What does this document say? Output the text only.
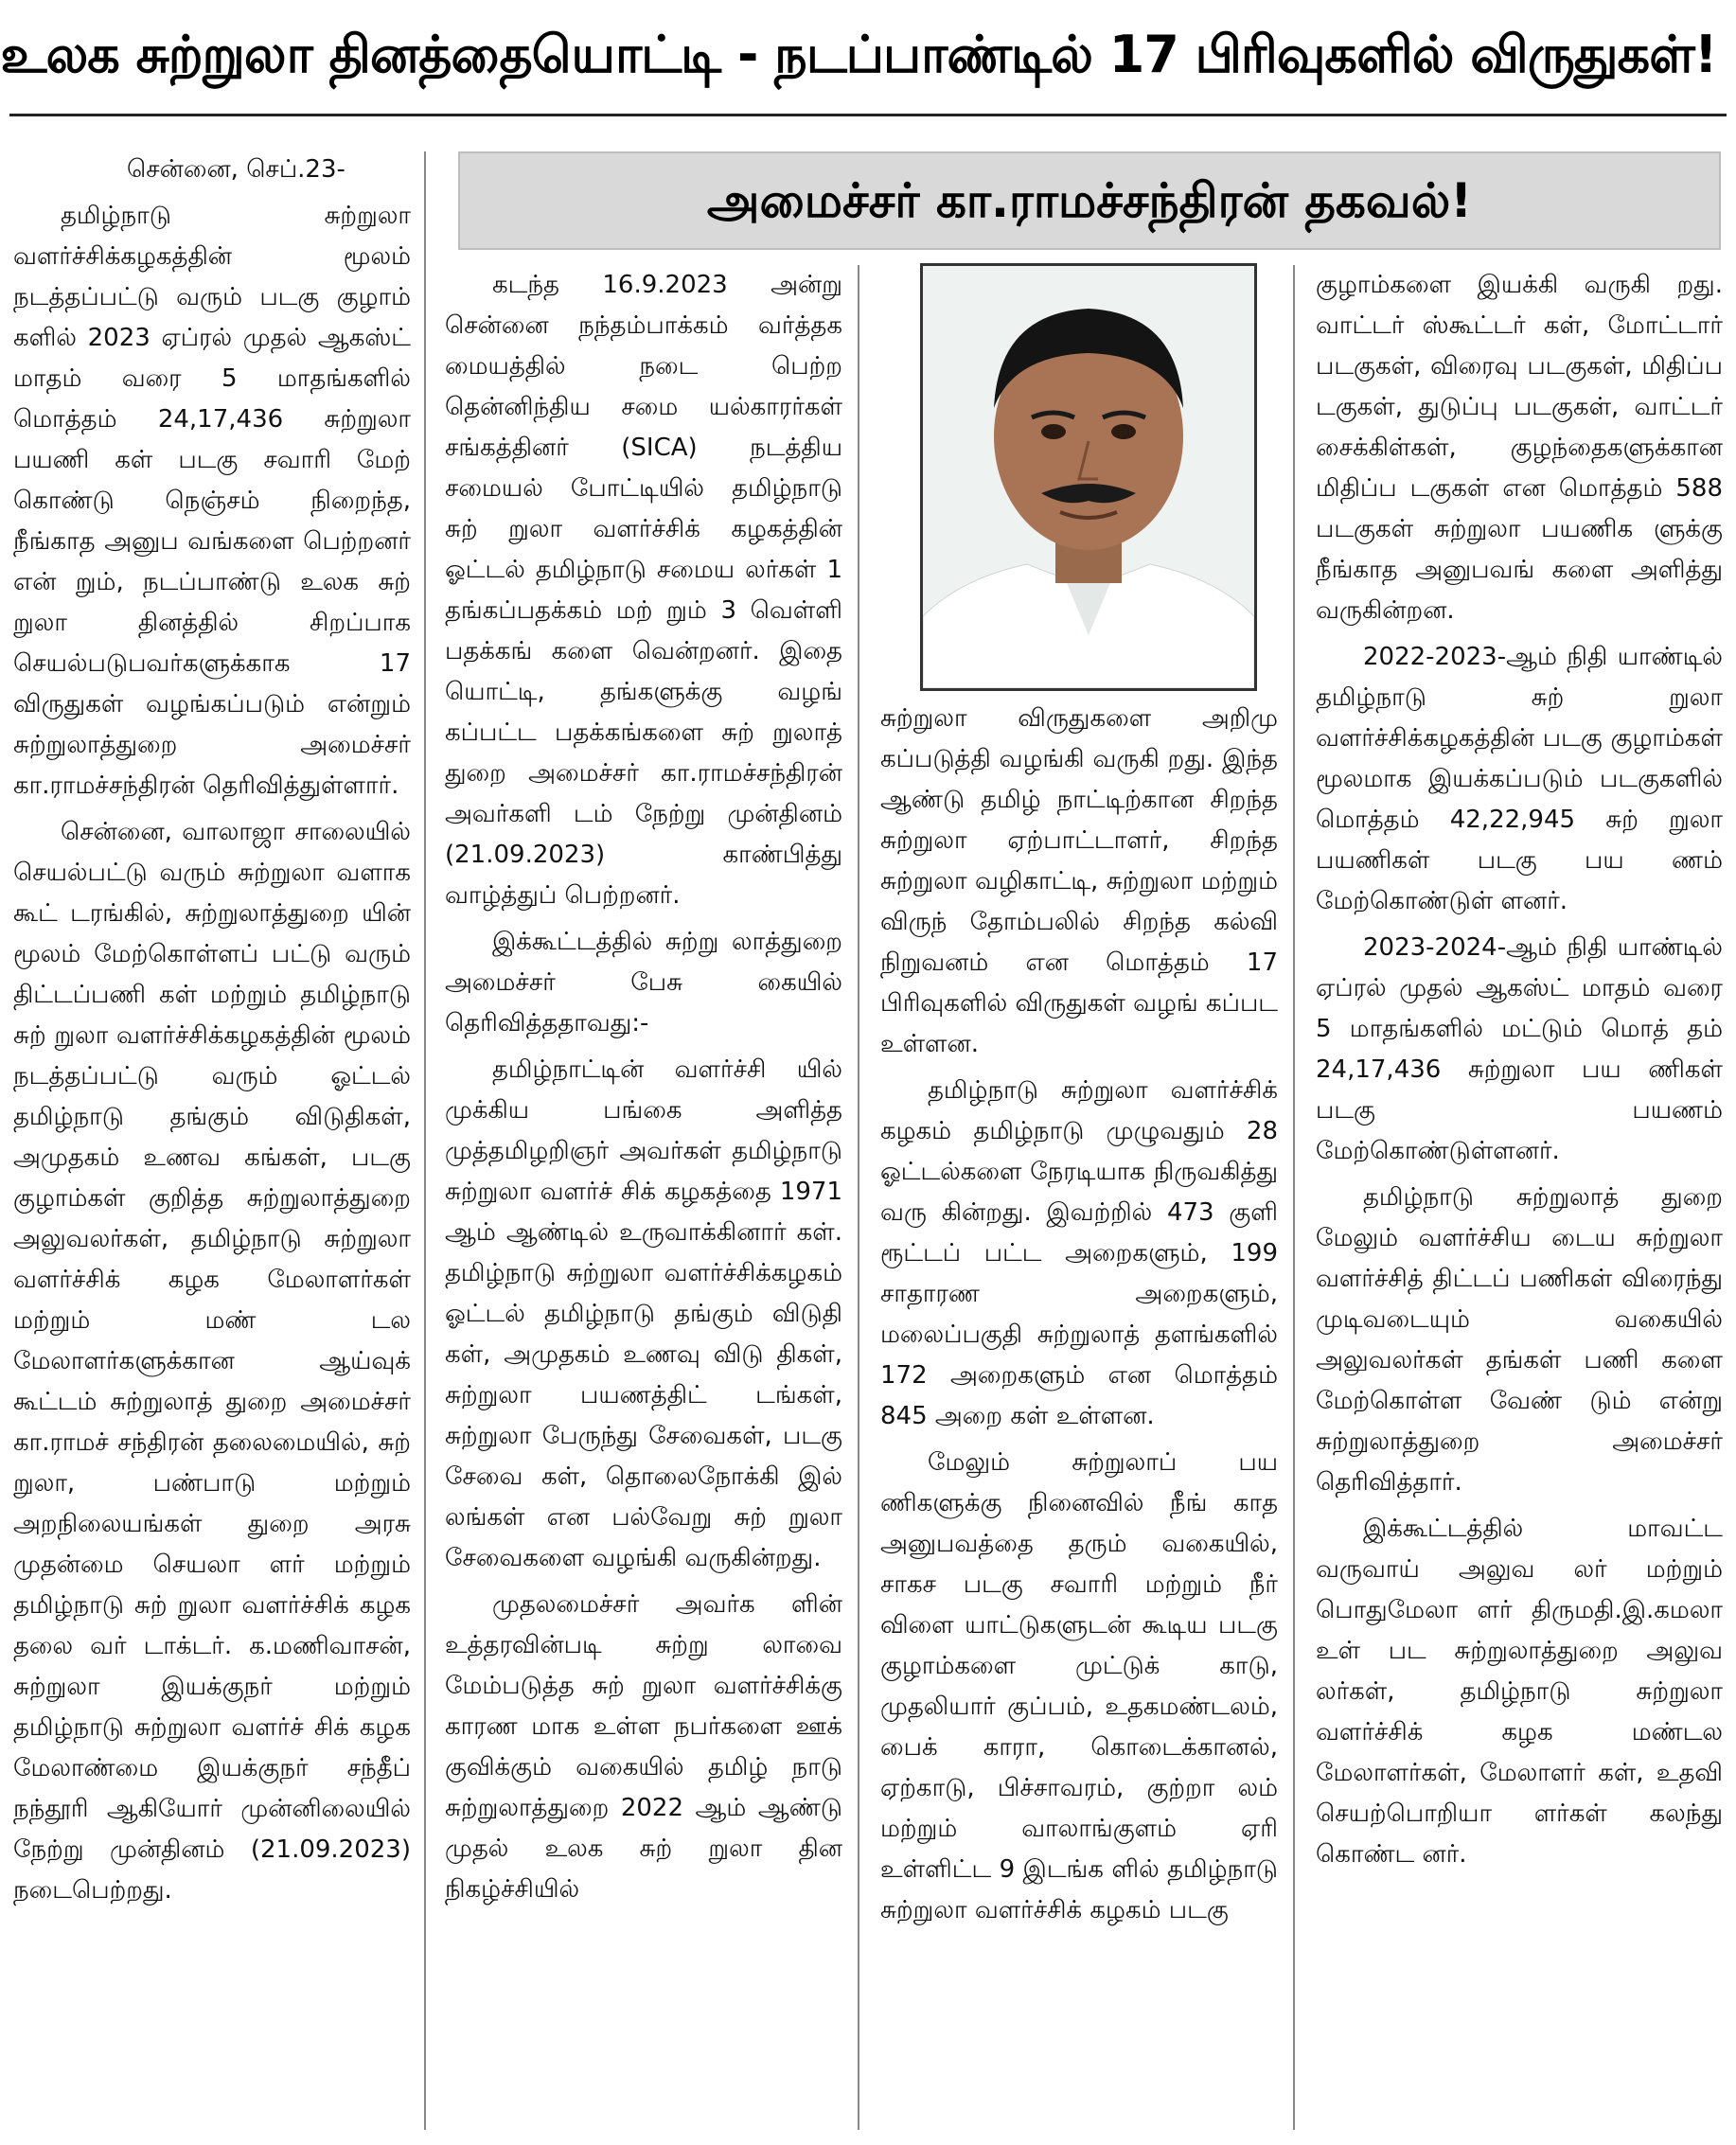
உலக சுற்றுலா தினத்தையொட்டி - நடப்பாண்டில் 17 பிரிவுகளில் விருதுகள்!
அமைச்சர் கா.ராமச்சந்திரன் தகவல்!

சென்னை, செப்.23-

தமிழ்நாடு சுற்றுலா வளர்ச்சிக்கழகத்தின் மூலம் நடத்தப்பட்டு வரும் படகு குழாம் களில் 2023 ஏப்ரல் முதல் ஆகஸ்ட் மாதம் வரை 5 மாதங்களில் மொத்தம் 24,17,436 சுற்றுலா பயணி கள் படகு சவாரி மேற் கொண்டு நெஞ்சம் நிறைந்த, நீங்காத அனுப வங்களை பெற்றனர் என் றும், நடப்பாண்டு உலக சுற் றுலா தினத்தில் சிறப்பாக செயல்படுபவர்களுக்காக 17 விருதுகள் வழங்கப்படும் என்றும் சுற்றுலாத்துறை அமைச்சர் கா.ராமச்சந்திரன் தெரிவித்துள்ளார்.

சென்னை, வாலாஜா சாலையில் செயல்பட்டு வரும் சுற்றுலா வளாக கூட் டரங்கில், சுற்றுலாத்துறை யின் மூலம் மேற்கொள்ளப் பட்டு வரும் திட்டப்பணி கள் மற்றும் தமிழ்நாடு சுற் றுலா வளர்ச்சிக்கழகத்தின் மூலம் நடத்தப்பட்டு வரும் ஓட்டல் தமிழ்நாடு தங்கும் விடுதிகள், அமுதகம் உணவ கங்கள், படகு குழாம்கள் குறித்த சுற்றுலாத்துறை அலுவலர்கள், தமிழ்நாடு சுற்றுலா வளர்ச்சிக் கழக மேலாளர்கள் மற்றும் மண் டல மேலாளர்களுக்கான ஆய்வுக் கூட்டம் சுற்றுலாத் துறை அமைச்சர் கா.ராமச் சந்திரன் தலைமையில், சுற் றுலா, பண்பாடு மற்றும் அறநிலையங்கள் துறை அரசு முதன்மை செயலா ளர் மற்றும் தமிழ்நாடு சுற் றுலா வளர்ச்சிக் கழக தலை வர் டாக்டர். க.மணிவாசன், சுற்றுலா இயக்குநர் மற்றும் தமிழ்நாடு சுற்றுலா வளர்ச் சிக் கழக மேலாண்மை இயக்குநர் சந்தீப் நந்தூரி ஆகியோர் முன்னிலையில் நேற்று முன்தினம் (21.09.2023) நடைபெற்றது.

கடந்த 16.9.2023 அன்று சென்னை நந்தம்பாக்கம் வர்த்தக மையத்தில் நடை பெற்ற தென்னிந்திய சமை யல்காரர்கள் சங்கத்தினர் (SICA) நடத்திய சமையல் போட்டியில் தமிழ்நாடு சுற் றுலா வளர்ச்சிக் கழகத்தின் ஓட்டல் தமிழ்நாடு சமைய லர்கள் 1 தங்கப்பதக்கம் மற் றும் 3 வெள்ளி பதக்கங் களை வென்றனர். இதை யொட்டி, தங்களுக்கு வழங் கப்பட்ட பதக்கங்களை சுற் றுலாத் துறை அமைச்சர் கா.ராமச்சந்திரன் அவர்களி டம் நேற்று முன்தினம் (21.09.2023) காண்பித்து வாழ்த்துப் பெற்றனர்.

இக்கூட்டத்தில் சுற்று லாத்துறை அமைச்சர் பேசு கையில் தெரிவித்ததாவது:-

தமிழ்நாட்டின் வளர்ச்சி யில் முக்கிய பங்கை அளித்த முத்தமிழறிஞர் அவர்கள் தமிழ்நாடு சுற்றுலா வளர்ச் சிக் கழகத்தை 1971 ஆம் ஆண்டில் உருவாக்கினார் கள். தமிழ்நாடு சுற்றுலா வளர்ச்சிக்கழகம் ஓட்டல் தமிழ்நாடு தங்கும் விடுதி கள், அமுதகம் உணவு விடு திகள், சுற்றுலா பயணத்திட் டங்கள், சுற்றுலா பேருந்து சேவைகள், படகு சேவை கள், தொலைநோக்கி இல் லங்கள் என பல்வேறு சுற் றுலா சேவைகளை வழங்கி வருகின்றது.

முதலமைச்சர் அவர்க ளின் உத்தரவின்படி சுற்று லாவை மேம்படுத்த சுற் றுலா வளர்ச்சிக்கு காரண மாக உள்ள நபர்களை ஊக் குவிக்கும் வகையில் தமிழ் நாடு சுற்றுலாத்துறை 2022 ஆம் ஆண்டு முதல் உலக சுற் றுலா தின நிகழ்ச்சியில்

சுற்றுலா விருதுகளை அறிமு கப்படுத்தி வழங்கி வருகி றது. இந்த ஆண்டு தமிழ் நாட்டிற்கான சிறந்த சுற்றுலா ஏற்பாட்டாளர், சிறந்த சுற்றுலா வழிகாட்டி, சுற்றுலா மற்றும் விருந் தோம்பலில் சிறந்த கல்வி நிறுவனம் என மொத்தம் 17 பிரிவுகளில் விருதுகள் வழங் கப்பட உள்ளன.

தமிழ்நாடு சுற்றுலா வளர்ச்சிக் கழகம் தமிழ்நாடு முழுவதும் 28 ஓட்டல்களை நேரடியாக நிருவகித்து வரு கின்றது. இவற்றில் 473 குளி ரூட்டப் பட்ட அறைகளும், 199 சாதாரண அறைகளும், மலைப்பகுதி சுற்றுலாத் தளங்களில் 172 அறைகளும் என மொத்தம் 845 அறை கள் உள்ளன.

மேலும் சுற்றுலாப் பய ணிகளுக்கு நினைவில் நீங் காத அனுபவத்தை தரும் வகையில், சாகச படகு சவாரி மற்றும் நீர் விளை யாட்டுகளுடன் கூடிய படகு குழாம்களை முட்டுக் காடு, முதலியார் குப்பம், உதகமண்டலம், பைக் காரா, கொடைக்கானல், ஏற்காடு, பிச்சாவரம், குற்றா லம் மற்றும் வாலாங்குளம் ஏரி உள்ளிட்ட 9 இடங்க ளில் தமிழ்நாடு சுற்றுலா வளர்ச்சிக் கழகம் படகு

குழாம்களை இயக்கி வருகி றது. வாட்டர் ஸ்கூட்டர் கள், மோட்டார் படகுகள், விரைவு படகுகள், மிதிப்ப டகுகள், துடுப்பு படகுகள், வாட்டர் சைக்கிள்கள், குழந்தைகளுக்கான மிதிப்ப டகுகள் என மொத்தம் 588 படகுகள் சுற்றுலா பயணிக ளுக்கு நீங்காத அனுபவங் களை அளித்து வருகின்றன.

2022-2023-ஆம் நிதி யாண்டில் தமிழ்நாடு சுற் றுலா வளர்ச்சிக்கழகத்தின் படகு குழாம்கள் மூலமாக இயக்கப்படும் படகுகளில் மொத்தம் 42,22,945 சுற் றுலா பயணிகள் படகு பய ணம் மேற்கொண்டுள் ளனர்.

2023-2024-ஆம் நிதி யாண்டில் ஏப்ரல் முதல் ஆகஸ்ட் மாதம் வரை 5 மாதங்களில் மட்டும் மொத் தம் 24,17,436 சுற்றுலா பய ணிகள் படகு பயணம் மேற்கொண்டுள்ளனர்.

தமிழ்நாடு சுற்றுலாத் துறை மேலும் வளர்ச்சிய டைய சுற்றுலா வளர்ச்சித் திட்டப் பணிகள் விரைந்து முடிவடையும் வகையில் அலுவலர்கள் தங்கள் பணி களை மேற்கொள்ள வேண் டும் என்று சுற்றுலாத்துறை அமைச்சர் தெரிவித்தார்.

இக்கூட்டத்தில் மாவட்ட வருவாய் அலுவ லர் மற்றும் பொதுமேலா ளர் திருமதி.இ.கமலா உள் பட சுற்றுலாத்துறை அலுவ லர்கள், தமிழ்நாடு சுற்றுலா வளர்ச்சிக் கழக மண்டல மேலாளர்கள், மேலாளர் கள், உதவி செயற்பொறியா ளர்கள் கலந்து கொண்ட னர்.
